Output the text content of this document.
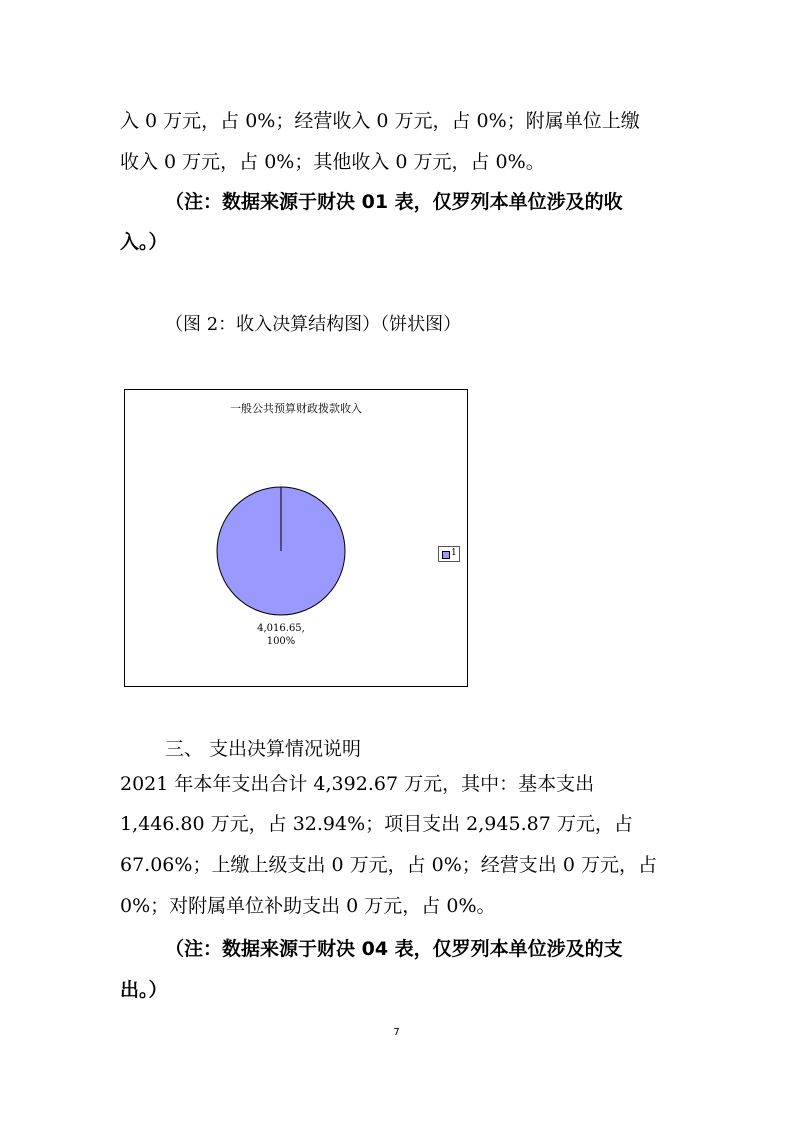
入 0 万元，占 0%；经营收入 0 万元，占 0%；附属单位上缴
收入 0 万元，占 0%；其他收入 0 万元，占 0%。
（注：数据来源于财决 01 表，仅罗列本单位涉及的收
入。）
（图 2：收入决算结构图）（饼状图）
一般公共预算财政拨款收入
4,016.65,
100%
1
三、 支出决算情况说明
2021 年本年支出合计 4,392.67 万元，其中：基本支出
1,446.80 万元，占 32.94%；项目支出 2,945.87 万元，占
67.06%；上缴上级支出 0 万元，占 0%；经营支出 0 万元，占
0%；对附属单位补助支出 0 万元，占 0%。
（注：数据来源于财决 04 表，仅罗列本单位涉及的支
出。）
7
